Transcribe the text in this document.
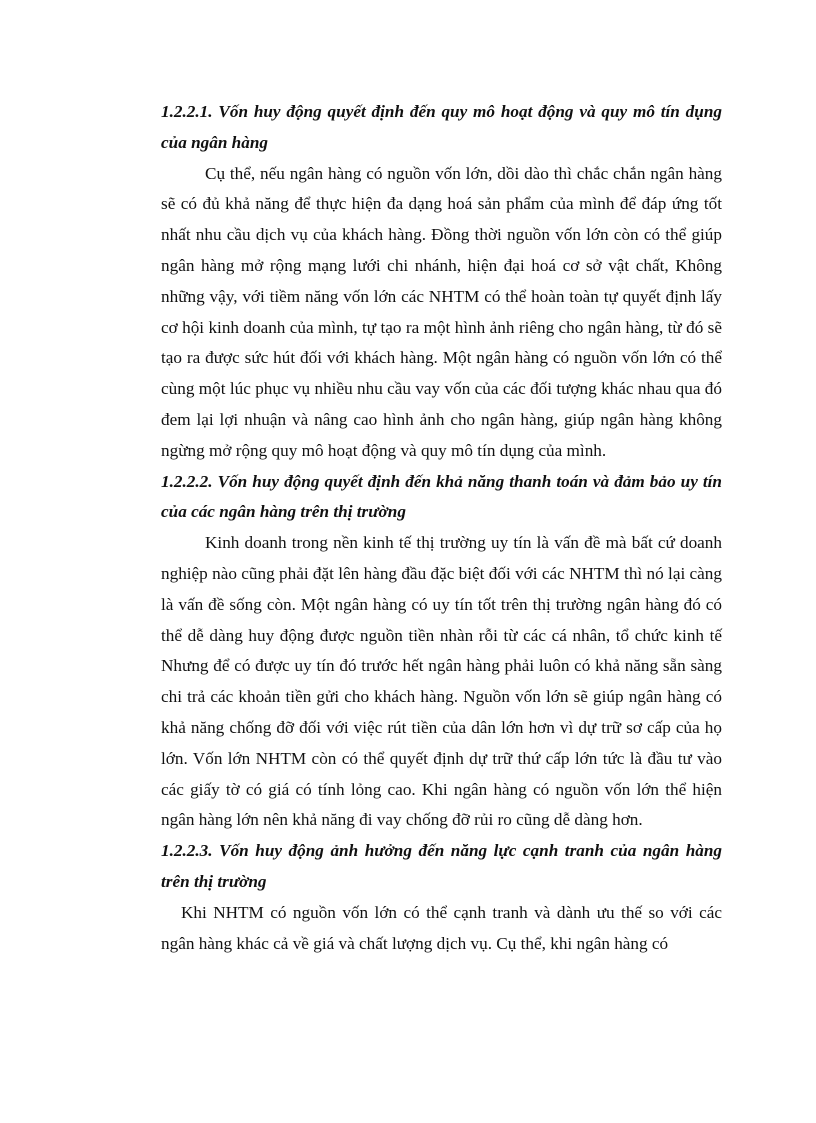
1.2.2.1. Vốn huy động quyết định đến quy mô hoạt động và quy mô tín dụng của ngân hàng

Cụ thể, nếu ngân hàng có nguồn vốn lớn, dồi dào thì chắc chắn ngân hàng sẽ có đủ khả năng để thực hiện đa dạng hoá sản phẩm của mình để đáp ứng tốt nhất nhu cầu dịch vụ của khách hàng. Đồng thời nguồn vốn lớn còn có thể giúp ngân hàng mở rộng mạng lưới chi nhánh, hiện đại hoá cơ sở vật chất, Không những vậy, với tiềm năng vốn lớn các NHTM có thể hoàn toàn tự quyết định lấy cơ hội kinh doanh của mình, tự tạo ra một hình ảnh riêng cho ngân hàng, từ đó sẽ tạo ra được sức hút đối với khách hàng. Một ngân hàng có nguồn vốn lớn có thể cùng một lúc phục vụ nhiều nhu cầu vay vốn của các đối tượng khác nhau qua đó đem lại lợi nhuận và nâng cao hình ảnh cho ngân hàng, giúp ngân hàng không ngừng mở rộng quy mô hoạt động và quy mô tín dụng của mình.

1.2.2.2. Vốn huy động quyết định đến khả năng thanh toán và đảm bảo uy tín của các ngân hàng trên thị trường

Kinh doanh trong nền kinh tế thị trường uy tín là vấn đề mà bất cứ doanh nghiệp nào cũng phải đặt lên hàng đầu đặc biệt đối với các NHTM thì nó lại càng là vấn đề sống còn. Một ngân hàng có uy tín tốt trên thị trường ngân hàng đó có thể dễ dàng huy động được nguồn tiền nhàn rỗi từ các cá nhân, tổ chức kinh tế Nhưng để có được uy tín đó trước hết ngân hàng phải luôn có khả năng sẵn sàng chi trả các khoản tiền gửi cho khách hàng. Nguồn vốn lớn sẽ giúp ngân hàng có khả năng chống đỡ đối với việc rút tiền của dân lớn hơn vì dự trữ sơ cấp của họ lớn. Vốn lớn NHTM còn có thể quyết định dự trữ thứ cấp lớn tức là đầu tư vào các giấy tờ có giá có tính lỏng cao. Khi ngân hàng có nguồn vốn lớn thể hiện ngân hàng lớn nên khả năng đi vay chống đỡ rủi ro cũng dễ dàng hơn.

1.2.2.3. Vốn huy động ảnh hưởng đến năng lực cạnh tranh của ngân hàng trên thị trường

Khi NHTM có nguồn vốn lớn có thể cạnh tranh và dành ưu thế so với các ngân hàng khác cả về giá và chất lượng dịch vụ. Cụ thể, khi ngân hàng có
